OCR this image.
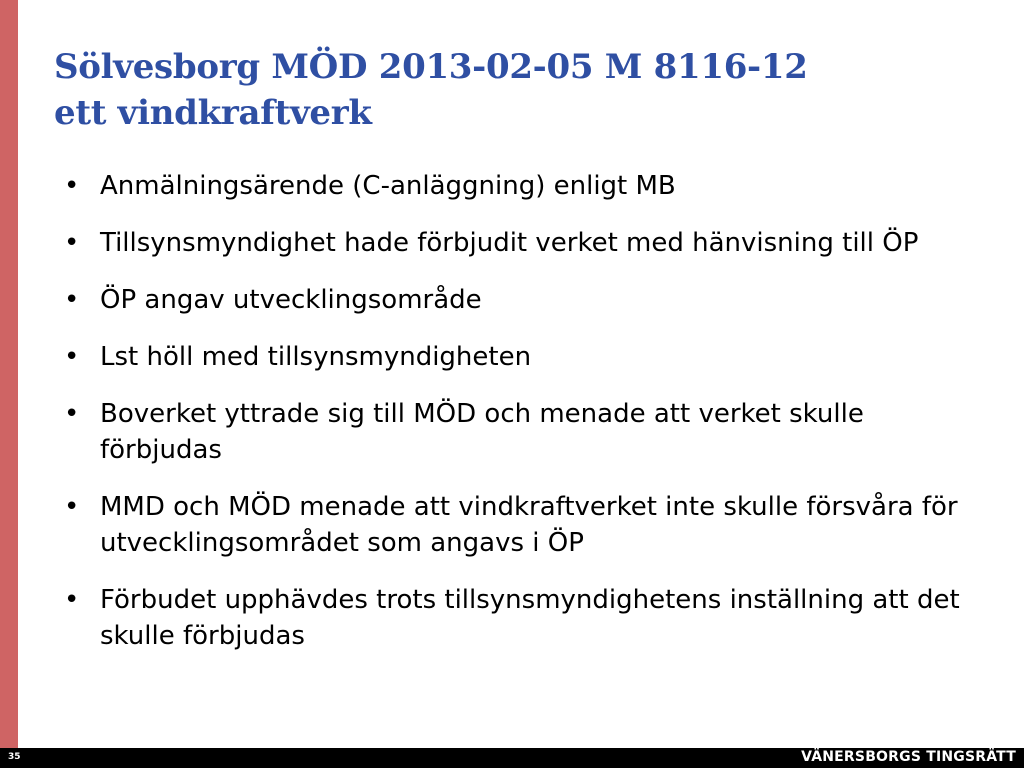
Sölvesborg MÖD 2013-02-05 M 8116-12
ett vindkraftverk
• Anmälningsärende (C-anläggning) enligt MB
• Tillsynsmyndighet hade förbjudit verket med hänvisning till ÖP
• ÖP angav utvecklingsområde
• Lst höll med tillsynsmyndigheten
• Boverket yttrade sig till MÖD och menade att verket skulle förbjudas
• MMD och MÖD menade att vindkraftverket inte skulle försvåra för utvecklingsområdet som angavs i ÖP
• Förbudet upphävdes trots tillsynsmyndighetens inställning att det skulle förbjudas
35	VÄNERSBORGS TINGSRÄTT
